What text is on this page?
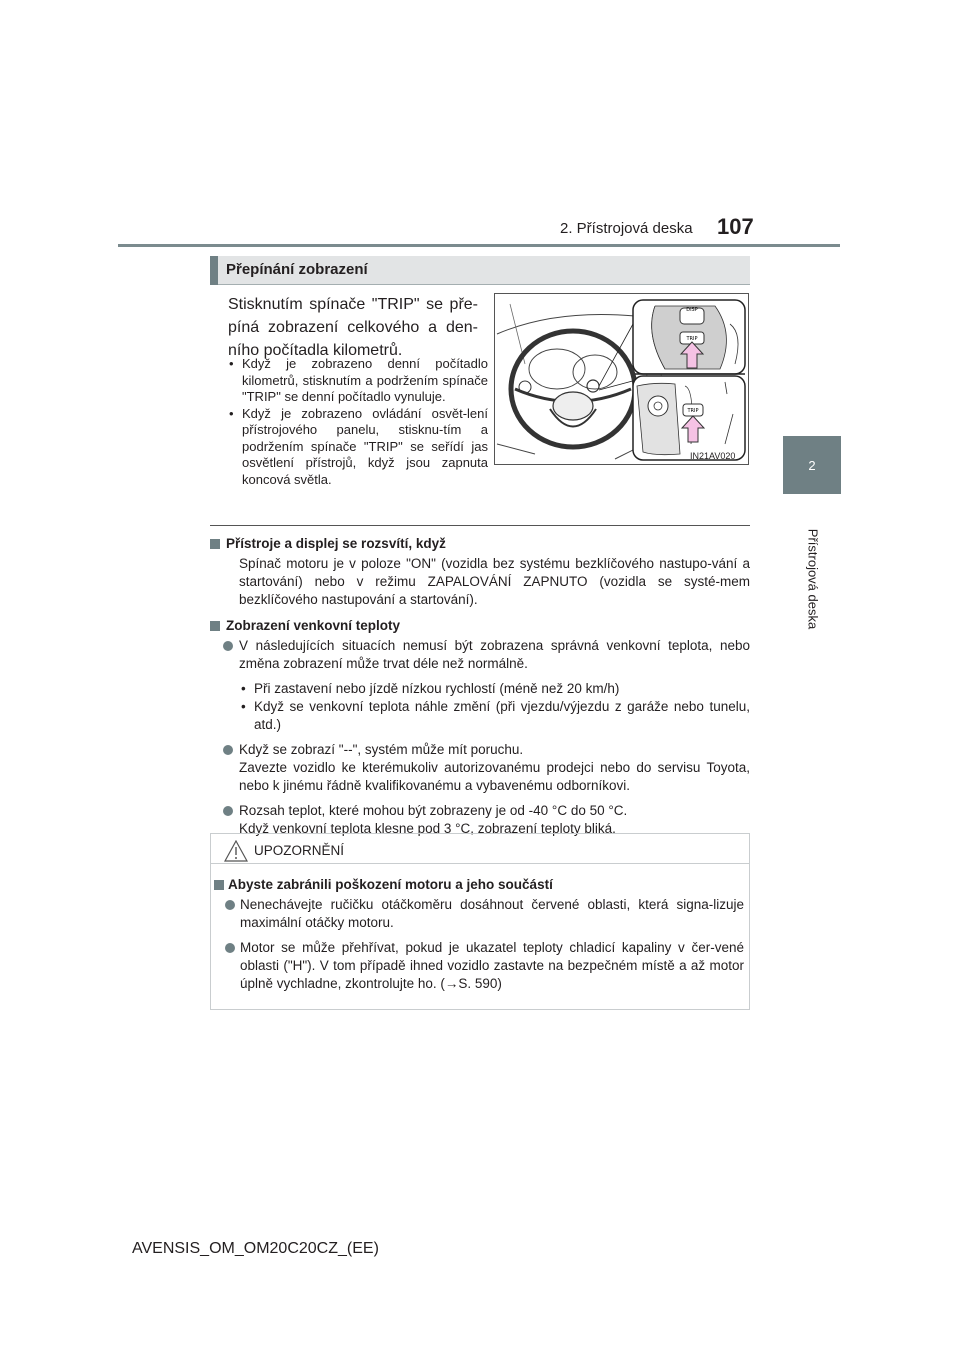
2. Přístrojová deska 107
2
Přístrojová deska
Přepínání zobrazení
Stisknutím spínače "TRIP" se pře-píná zobrazení celkového a den-ního počítadla kilometrů.
• Když je zobrazeno denní počítadlo kilometrů, stisknutím a podržením spínače "TRIP" se denní počítadlo vynuluje.
• Když je zobrazeno ovládání osvět-lení přístrojového panelu, stisknu-tím a podržením spínače "TRIP" se seřídí jas osvětlení přístrojů, když jsou zapnuta koncová světla.
DISP
TRIP
TRIP
IN21AV020
Přístroje a displej se rozsvítí, když
Spínač motoru je v poloze "ON" (vozidla bez systému bezklíčového nastupo-vání a startování) nebo v režimu ZAPALOVÁNÍ ZAPNUTO (vozidla se systé-mem bezklíčového nastupování a startování).
Zobrazení venkovní teploty
V následujících situacích nemusí být zobrazena správná venkovní teplota, nebo změna zobrazení může trvat déle než normálně.
• Při zastavení nebo jízdě nízkou rychlostí (méně než 20 km/h)
• Když se venkovní teplota náhle změní (při vjezdu/výjezdu z garáže nebo tunelu, atd.)
Když se zobrazí "--", systém může mít poruchu.
Zavezte vozidlo ke kterémukoliv autorizovanému prodejci nebo do servisu Toyota, nebo k jinému řádně kvalifikovanému a vybavenému odborníkovi.
Rozsah teplot, které mohou být zobrazeny je od -40 °C do 50 °C.
Když venkovní teplota klesne pod 3 °C, zobrazení teploty bliká.
UPOZORNĚNÍ
Abyste zabránili poškození motoru a jeho součástí
Nenechávejte ručičku otáčkoměru dosáhnout červené oblasti, která signa-lizuje maximální otáčky motoru.
Motor se může přehřívat, pokud je ukazatel teploty chladicí kapaliny v čer-vené oblasti ("H"). V tom případě ihned vozidlo zastavte na bezpečném místě a až motor úplně vychladne, zkontrolujte ho. (→S. 590)
AVENSIS_OM_OM20C20CZ_(EE)
